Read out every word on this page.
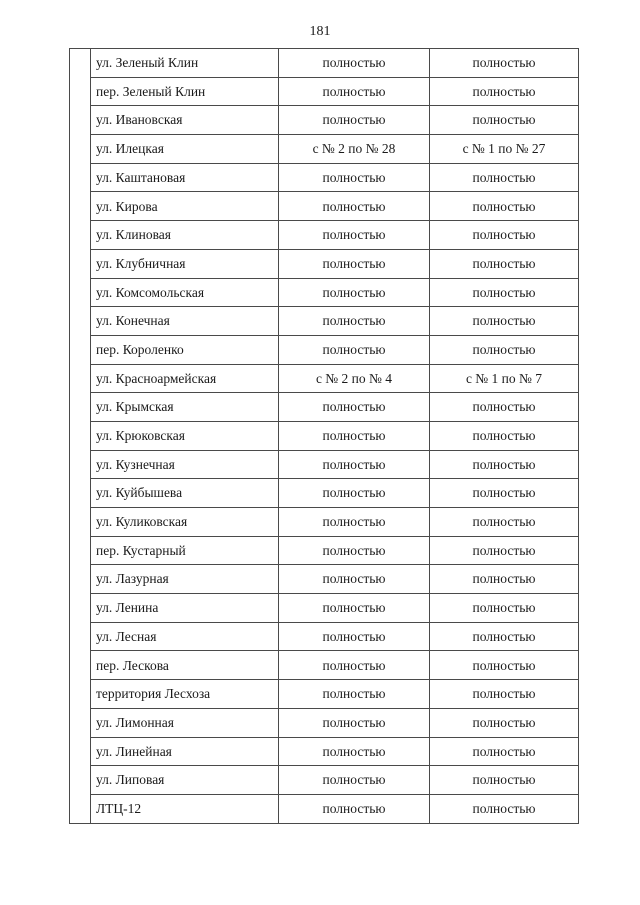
181
	ул. Зеленый Клин	полностью	полностью
	пер. Зеленый Клин	полностью	полностью
	ул. Ивановская	полностью	полностью
	ул. Илецкая	с № 2 по № 28	с № 1 по № 27
	ул. Каштановая	полностью	полностью
	ул. Кирова	полностью	полностью
	ул. Клиновая	полностью	полностью
	ул. Клубничная	полностью	полностью
	ул. Комсомольская	полностью	полностью
	ул. Конечная	полностью	полностью
	пер. Короленко	полностью	полностью
	ул. Красноармейская	с № 2 по № 4	с № 1 по № 7
	ул. Крымская	полностью	полностью
	ул. Крюковская	полностью	полностью
	ул. Кузнечная	полностью	полностью
	ул. Куйбышева	полностью	полностью
	ул. Куликовская	полностью	полностью
	пер. Кустарный	полностью	полностью
	ул. Лазурная	полностью	полностью
	ул. Ленина	полностью	полностью
	ул. Лесная	полностью	полностью
	пер. Лескова	полностью	полностью
	территория Лесхоза	полностью	полностью
	ул. Лимонная	полностью	полностью
	ул. Линейная	полностью	полностью
	ул. Липовая	полностью	полностью
	ЛТЦ-12	полностью	полностью
